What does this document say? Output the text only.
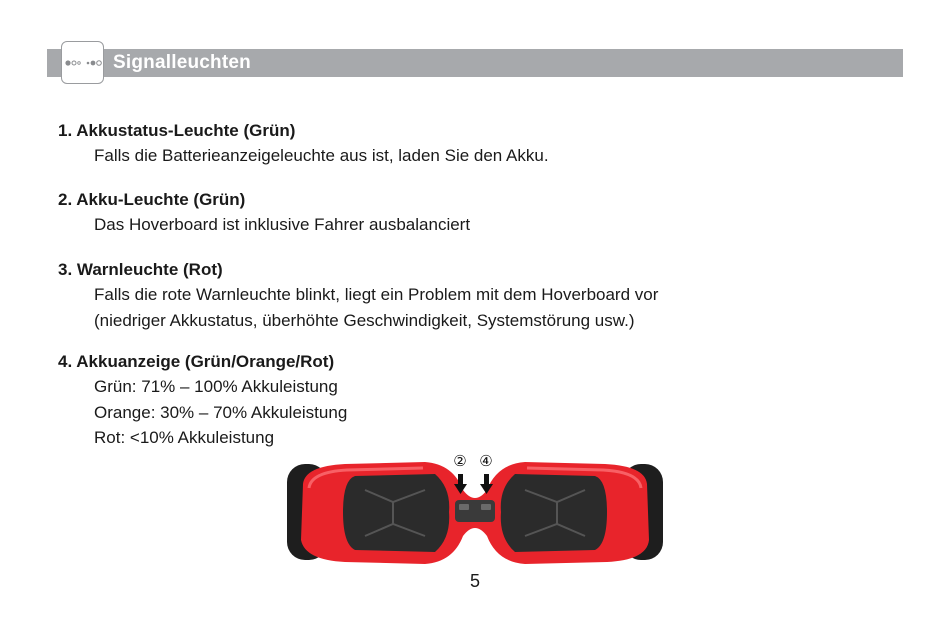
Signalleuchten

1. Akkustatus-Leuchte (Grün)

Falls die Batterieanzeigeleuchte aus ist, laden Sie den Akku.

2. Akku-Leuchte (Grün)

Das Hoverboard ist inklusive Fahrer ausbalanciert

3. Warnleuchte (Rot)

Falls die rote Warnleuchte blinkt, liegt ein Problem mit dem Hoverboard vor

(niedriger Akkustatus, überhöhte Geschwindigkeit, Systemstörung usw.)

4. Akkuanzeige (Grün/Orange/Rot)

Grün: 71% – 100% Akkuleistung

Orange: 30% – 70% Akkuleistung

Rot: <10% Akkuleistung

② ④
5
